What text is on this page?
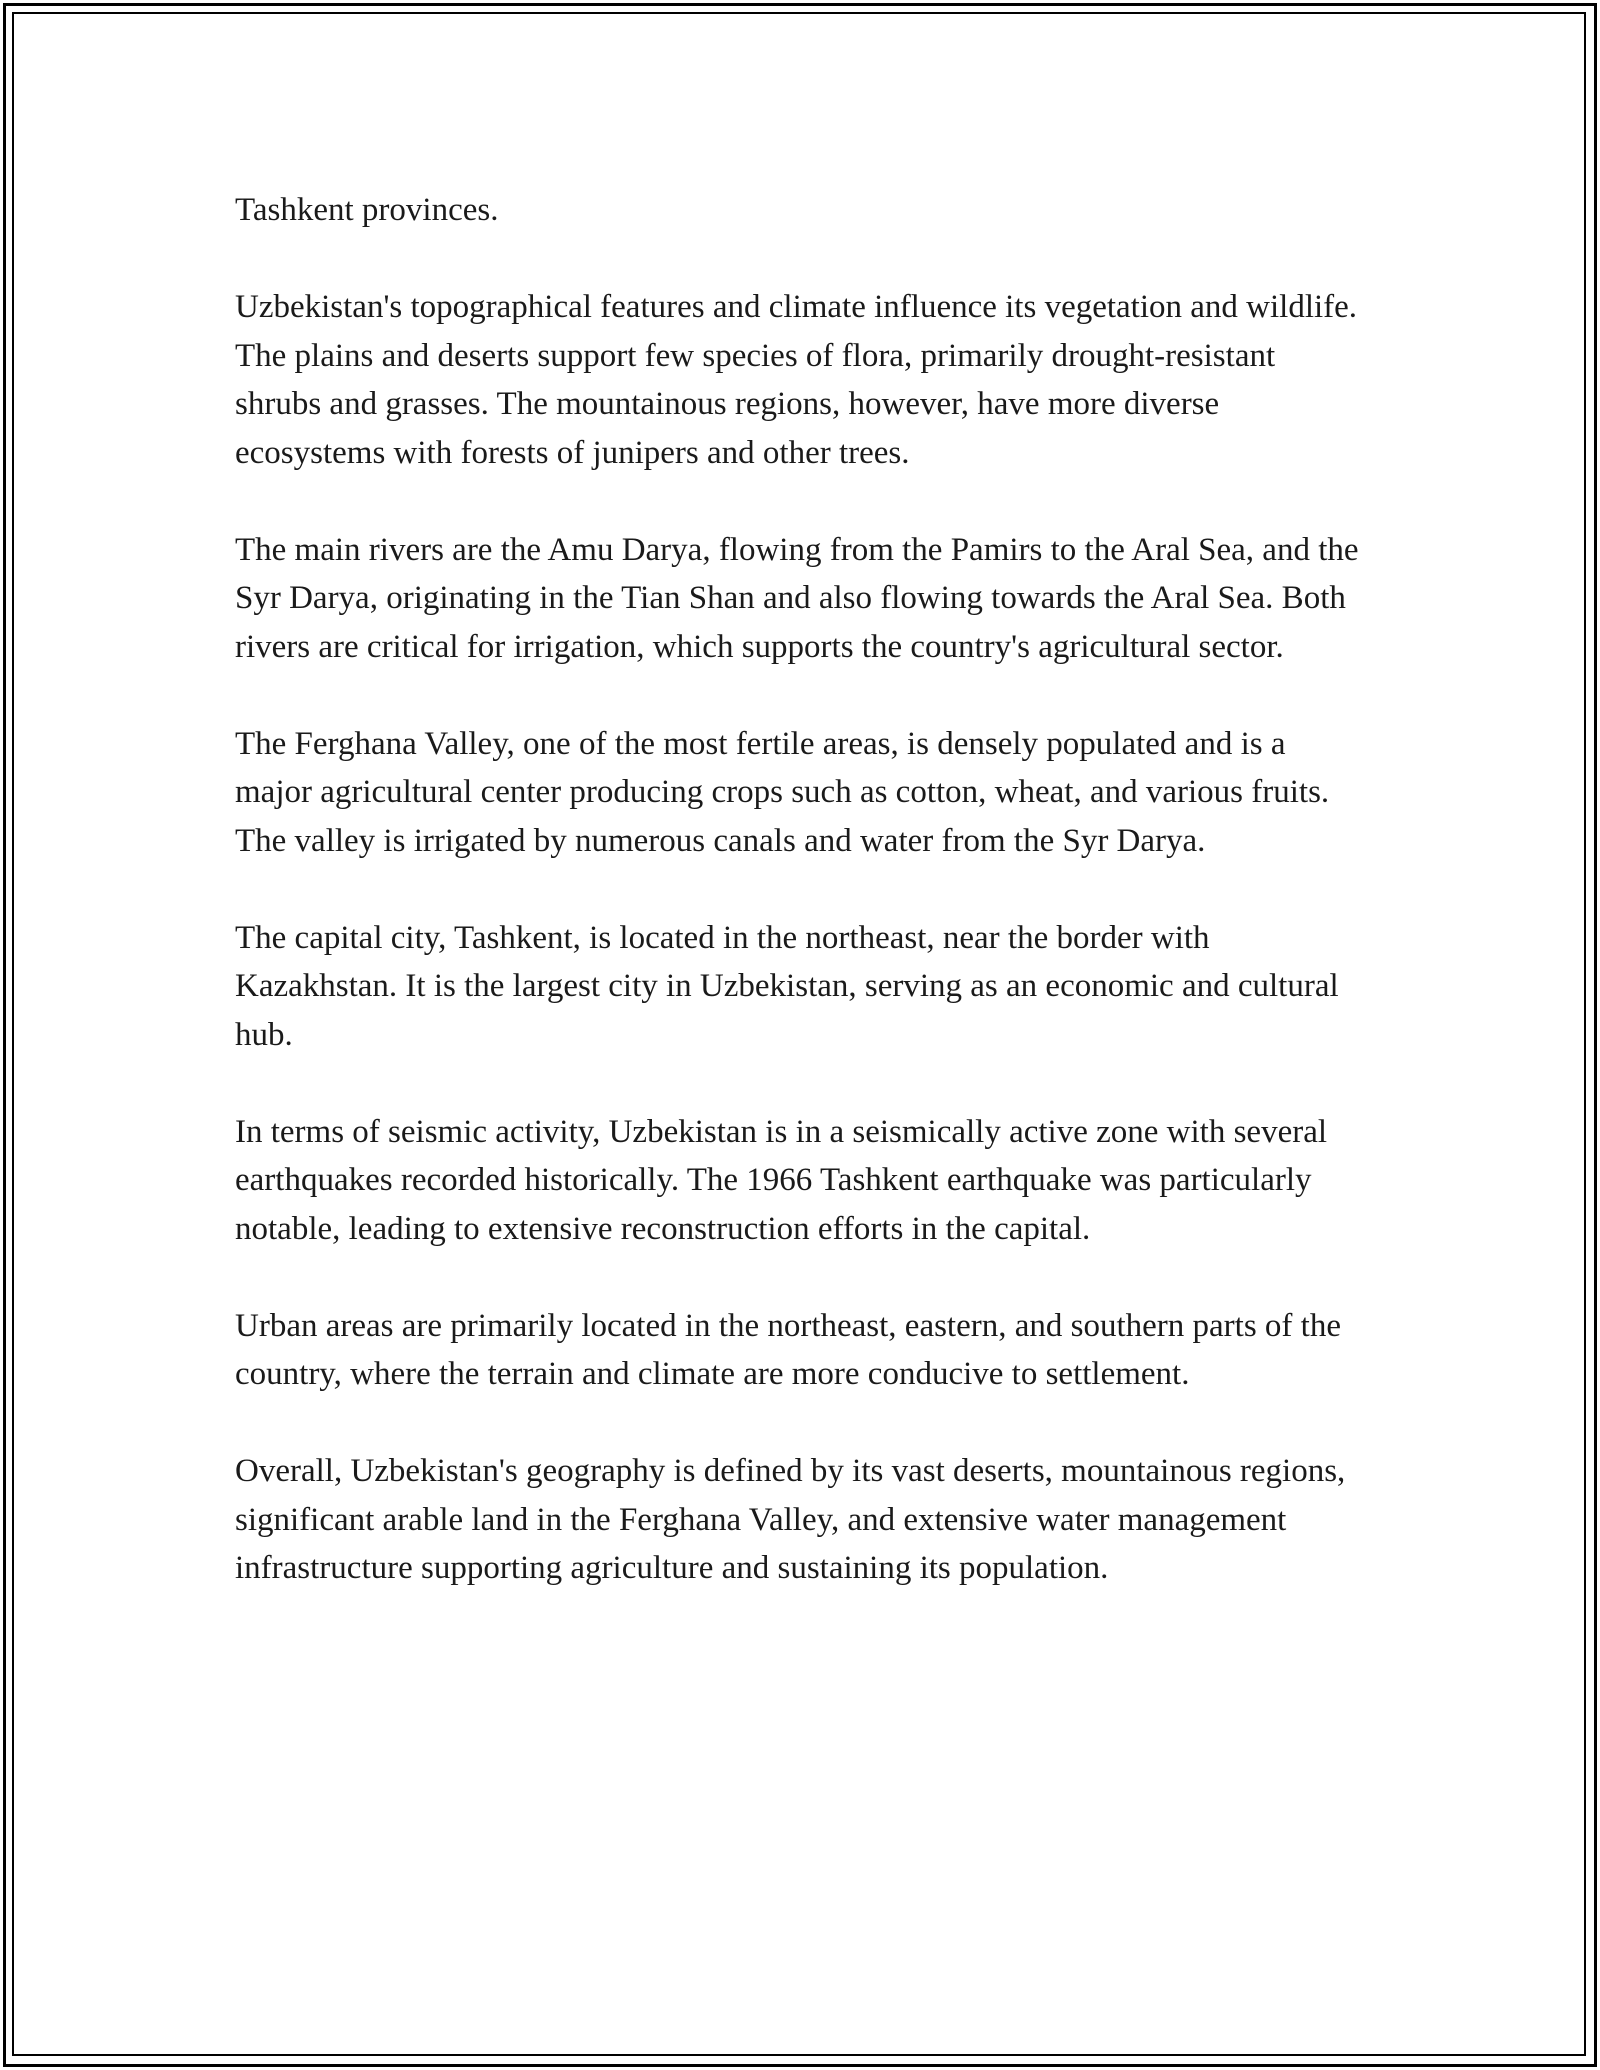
Tashkent provinces.

Uzbekistan's topographical features and climate influence its vegetation and wildlife. The plains and deserts support few species of flora, primarily drought-resistant shrubs and grasses. The mountainous regions, however, have more diverse ecosystems with forests of junipers and other trees.

The main rivers are the Amu Darya, flowing from the Pamirs to the Aral Sea, and the Syr Darya, originating in the Tian Shan and also flowing towards the Aral Sea. Both rivers are critical for irrigation, which supports the country's agricultural sector.

The Ferghana Valley, one of the most fertile areas, is densely populated and is a major agricultural center producing crops such as cotton, wheat, and various fruits. The valley is irrigated by numerous canals and water from the Syr Darya.

The capital city, Tashkent, is located in the northeast, near the border with Kazakhstan. It is the largest city in Uzbekistan, serving as an economic and cultural hub.

In terms of seismic activity, Uzbekistan is in a seismically active zone with several earthquakes recorded historically. The 1966 Tashkent earthquake was particularly notable, leading to extensive reconstruction efforts in the capital.

Urban areas are primarily located in the northeast, eastern, and southern parts of the country, where the terrain and climate are more conducive to settlement.

Overall, Uzbekistan's geography is defined by its vast deserts, mountainous regions, significant arable land in the Ferghana Valley, and extensive water management infrastructure supporting agriculture and sustaining its population.
